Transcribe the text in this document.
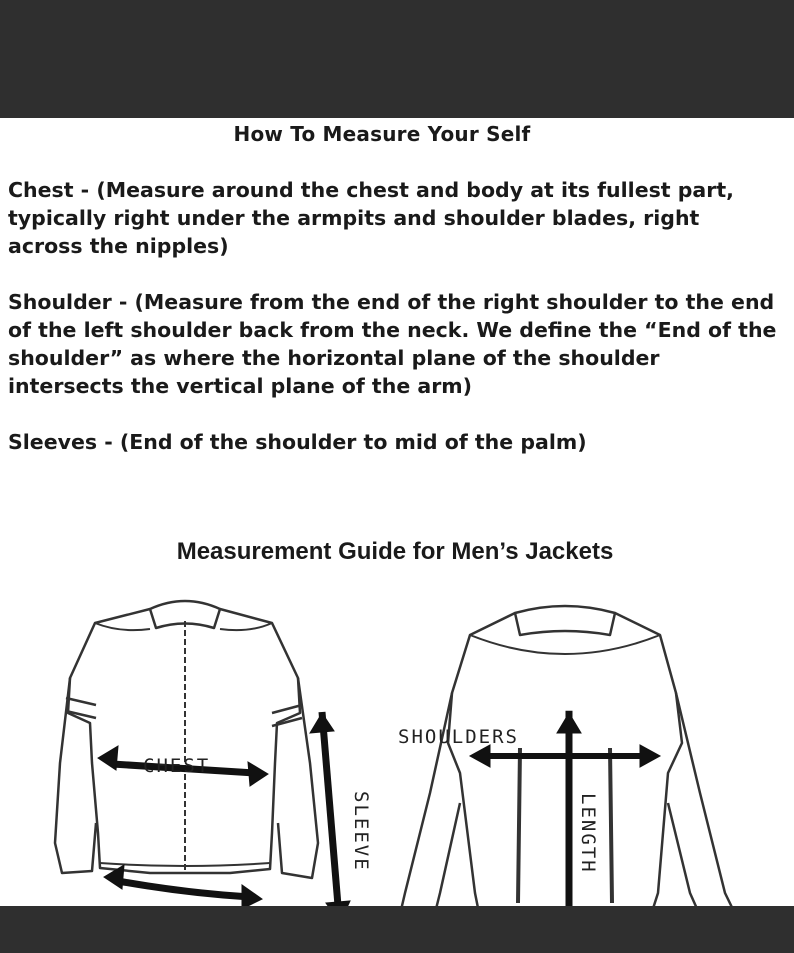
How To Measure Your Self

Chest - (Measure around the chest and body at its fullest part, typically right under the armpits and shoulder blades, right across the nipples)

Shoulder - (Measure from the end of the right shoulder to the end of the left shoulder back from the neck. We define the “End of the shoulder” as where the horizontal plane of the shoulder intersects the vertical plane of the arm)

Sleeves - (End of the shoulder to mid of the palm)

Measurement Guide for Men’s Jackets
CHEST
SLEEVE
SHOULDERS
LENGTH
